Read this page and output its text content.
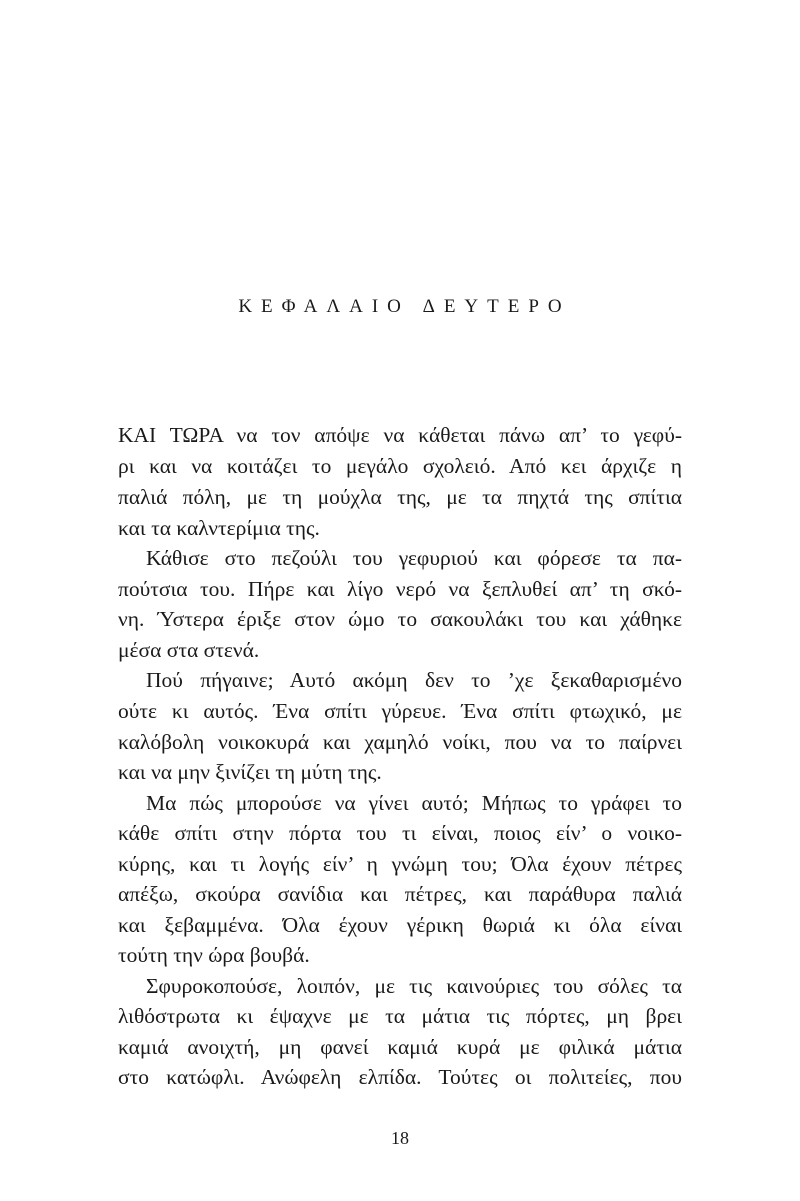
ΚΕΦΑΛΑΙΟ ΔΕΥΤΕΡΟ
ΚΑΙ ΤΩΡΑ να τον απόψε να κάθεται πάνω απ’ το γεφύ-
ρι και να κοιτάζει το μεγάλο σχολειό. Από κει άρχιζε η
παλιά πόλη, με τη μούχλα της, με τα πηχτά της σπίτια
και τα καλντερίμια της.
Κάθισε στο πεζούλι του γεφυριού και φόρεσε τα πα-
πούτσια του. Πήρε και λίγο νερό να ξεπλυθεί απ’ τη σκό-
νη. Ύστερα έριξε στον ώμο το σακουλάκι του και χάθηκε
μέσα στα στενά.
Πού πήγαινε; Αυτό ακόμη δεν το ’χε ξεκαθαρισμένο
ούτε κι αυτός. Ένα σπίτι γύρευε. Ένα σπίτι φτωχικό, με
καλόβολη νοικοκυρά και χαμηλό νοίκι, που να το παίρνει
και να μην ξινίζει τη μύτη της.
Μα πώς μπορούσε να γίνει αυτό; Μήπως το γράφει το
κάθε σπίτι στην πόρτα του τι είναι, ποιος είν’ ο νοικο-
κύρης, και τι λογής είν’ η γνώμη του; Όλα έχουν πέτρες
απέξω, σκούρα σανίδια και πέτρες, και παράθυρα παλιά
και ξεβαμμένα. Όλα έχουν γέρικη θωριά κι όλα είναι
τούτη την ώρα βουβά.
Σφυροκοπούσε, λοιπόν, με τις καινούριες του σόλες τα
λιθόστρωτα κι έψαχνε με τα μάτια τις πόρτες, μη βρει
καμιά ανοιχτή, μη φανεί καμιά κυρά με φιλικά μάτια
στο κατώφλι. Ανώφελη ελπίδα. Τούτες οι πολιτείες, που
18
